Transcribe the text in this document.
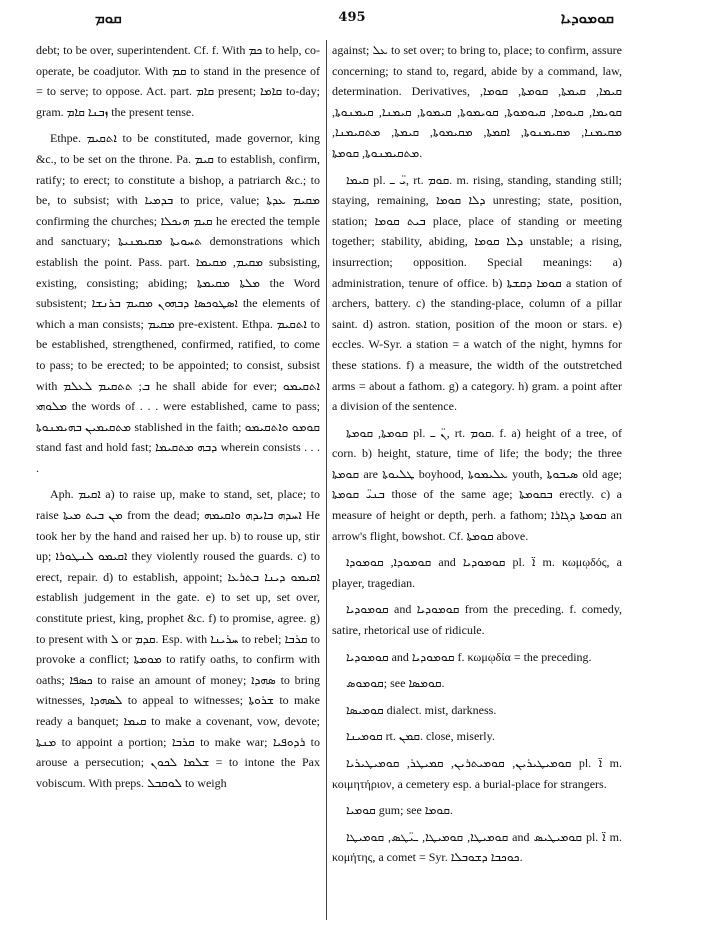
ܩܘܡ	495	ܩܘܡܘܕܝܐ

debt; to be over, superintendent. Cf. f. With ܟܡ to help, co-operate, be coadjutor. With ܩܡ to stand in the presence of = to serve; to oppose. Act. part. ܩܐܡ present; ܩܐܡܐ to-day; gram. ܙܒܢܐ ܩܐܡ the present tense.

Ethpe. ܐܬܩܝܡ to be constituted, made governor, king &c., to be set on the throne. Pa. ܩܝܡ to establish, confirm, ratify; to erect; to constitute a bishop, a patriarch &c.; to be, to subsist; with ܒܕܡܝܐ to price, value; ܡܩܝܡ ܥܕܬܐ confirming the churches; ܩܝܡ ܗܝܟܠܐ he erected the temple and sanctuary; ܬܚܘܝܬܐ ܡܩܝܡܢܝܬܐ demonstrations which establish the point. Pass. part. ܡܩܝܡ, ܡܩܝܡܐ subsisting, existing, consisting; abiding; ܡܠܬܐ ܡܩܝܡܬܐ the Word subsistent; ܐܣܛܘܟܣܐ ܕܒܗܘܢ ܡܩܝܡ ܒܪܢܫܐ the elements of which a man consists; ܡܩܝܡ pre-existent. Ethpa. ܐܬܩܝܡ to be established, strengthened, confirmed, ratified, to come to pass; to be erected; to be appointed; to consist, subsist with ܒ; ܬܬܩܝܡ ܠܥܠܡ he shall abide for ever; ܐܬܩܝܡܘ ܡܠܘܗܝ the words of . . . were established, came to pass; ܡܬܩܝܡܝܢ ܒܗܝܡܢܘܬܐ stablished in the faith; ܩܘܡܘ ܘܐܬܩܝܡܘ stand fast and hold fast; ܕܒܗ ܡܬܩܝܡܐ wherein consists . . . .

Aph. ܐܩܝܡ a) to raise up, make to stand, set, place; to raise ܡܢ ܒܝܬ ܡܝܬܐ from the dead; ܐܚܕܗ ܒܐܝܕܗ ܘܐܩܝܡܗ He took her by the hand and raised her up. b) to rouse up, stir up; ܐܩܝܡܘ ܠܢܛܘܪܐ they violently roused the guards. c) to erect, repair. d) to establish, appoint; ܐܩܝܡܘ ܕܝܢܐ ܒܬܪܥܐ establish judgement in the gate. e) to set up, set over, constitute priest, king, prophet &c. f) to promise, agree. g) to present with ܠ or ܩܕܡ. Esp. with ܚܪܝܢܐ to rebel; ܩܪܒܐ to provoke a conflict; ܡܘܡܬܐ to ratify oaths, to confirm with oaths; ܟܣܦܐ to raise an amount of money; ܣܗܕܐ to bring witnesses, ܠܣܗܕܐ to appeal to witnesses; ܫܪܘܬܐ to make ready a banquet; ܩܝܡܐ to make a covenant, vow, devote; ܡܢܬܐ to appoint a portion; ܩܪܒܐ to make war; ܪܕܘܦܝܐ to arouse a persecution; ܫܠܡܐ ܠܟܘܢ = to intone the Pax vobiscum. With preps. ܠܘܩܒܠ to weigh

against; ܥܠ to set over; to bring to, place; to confirm, assure concerning; to stand to, regard, abide by a command, law, determination. Derivatives, ܩܝܡܐ, ܩܝܡܬܐ, ܩܘܡܬܐ, ܩܘܡܐ, ܩܘܝܡܐ, ܩܝܘܡܐ, ܩܝܘܡܘܬܐ, ܩܘܝܡܘܬܐ, ܩܝܡܘܬܐ, ܩܝܡܢܐ, ܩܝܡܢܘܬܐ, ܡܩܝܡܢܐ, ܡܩܝܡܢܘܬܐ, ܐܩܡܬܐ, ܡܩܝܡܘܬܐ, ܩܝܡܬܐ, ܡܬܩܝܡܢܐ, ܡܬܩܝܡܢܘܬܐ, ܩܘܡܬܐ.

ܩܝܡܐ pl. ܝ̈ ـ, rt. ܩܘܡ. m. rising, standing, standing still; staying, remaining, ܕܠܐ ܩܘܡܐ unresting; state, position, station; ܒܝܬ ܩܘܡܐ place, place of standing or meeting together; stability, abiding, ܕܠܐ ܩܘܡܐ unstable; a rising, insurrection; opposition. Special meanings: a) administration, tenure of office. b) ܩܘܡܐ ܕܩܫܬܐ a station of archers, battery. c) the standing-place, column of a pillar saint. d) astron. station, position of the moon or stars. e) eccles. W-Syr. a station = a watch of the night, hymns for these stations. f) a measure, the width of the outstretched arms = about a fathom. g) a category. h) gram. a point after a division of the sentence.

ܩܘܡܬܐ, ܩܘܡܬܐ pl. ܢ̈ ـ, rt. ܩܘܡ. f. a) height of a tree, of corn. b) height, stature, time of life; the body; the three ܩܘܡܬܐ are ܛܠܝܘܬܐ boyhood, ܥܠܝܡܘܬܐ youth, ܣܝܒܘܬܐ old age; ܒܢܝ̈ ܩܘܡܬܐ those of the same age; ܒܩܘܡܬܐ erectly. c) a measure of height or depth, perh. a fathom; ܩܘܡܬܐ ܕܓܐܪܐ an arrow's flight, bowshot. Cf. ܩܘܡܬܐ above.

ܩܘܡܘܕܐ, ܩܘܡܘܕܐ and ܩܘܡܘܕܝܐ pl. ܐ̈ m. κωμῳδός, a player, tragedian.

ܩܘܡܘܕܝܐ and ܩܘܡܘܕܝܐ from the preceding. f. comedy, satire, rhetorical use of ridicule.

ܩܘܡܘܕܝܐ and ܩܘܡܘܕܝܐ f. κωμῳδία = the preceding.

ܩܘܡܘܣ; see ܩܘܡܣܐ.

ܩܘܡܝܣܐ dialect. mist, darkness.

ܩܘܡܝܢܐ rt. ܩܡܢ. close, miserly.

ܩܘܡܝܛܝܪܝܢ, ܩܘܡܝܬܪܝܢ, ܩܡܝܛܪ, ܩܘܡܝܛܝܪܝܐ pl. ܐ̈ m. κοιμητήριον, a cemetery esp. a burial-place for strangers.

ܩܘܡܝܐ gum; see ܩܘܡܐ.

ܩܘܡܝܛܐ, ܩܘܡܝܛܐ, ـ̈ܝܛܣ, ܩܘܡܝܛܐ and ܩܘܡܝܛܝܣ pl. ܐ̈ m. κομήτης, a comet = Syr. ܟܘܟܒܐ ܕܫܘܒܠܐ.
